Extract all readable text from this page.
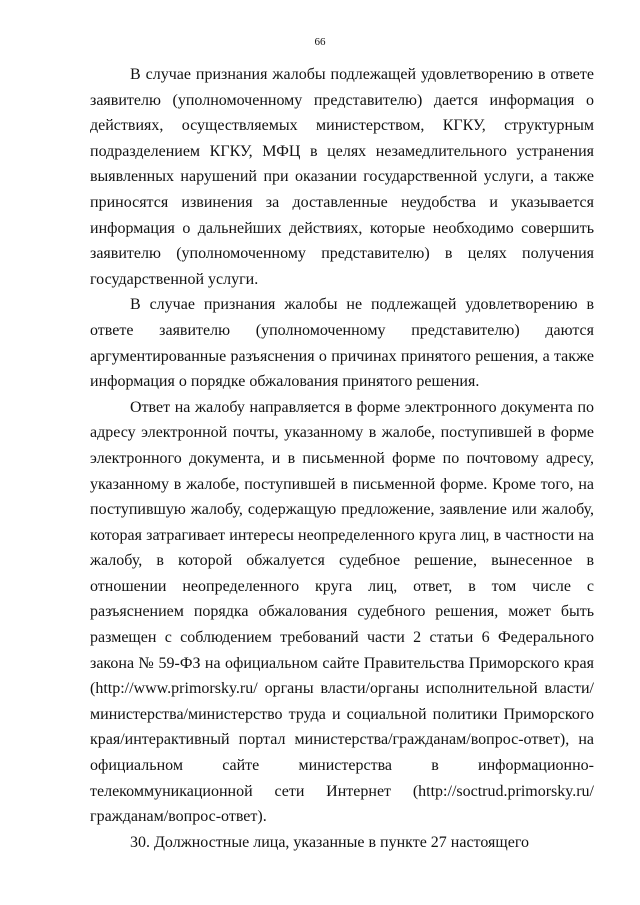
66

В случае признания жалобы подлежащей удовлетворению в ответе заявителю (уполномоченному представителю) дается информация о действиях, осуществляемых министерством, КГКУ, структурным подразделением КГКУ, МФЦ в целях незамедлительного устранения выявленных нарушений при оказании государственной услуги, а также приносятся извинения за доставленные неудобства и указывается информация о дальнейших действиях, которые необходимо совершить заявителю (уполномоченному представителю) в целях получения государственной услуги.

В случае признания жалобы не подлежащей удовлетворению в ответе заявителю (уполномоченному представителю) даются аргументированные разъяснения о причинах принятого решения, а также информация о порядке обжалования принятого решения.

Ответ на жалобу направляется в форме электронного документа по адресу электронной почты, указанному в жалобе, поступившей в форме электронного документа, и в письменной форме по почтовому адресу, указанному в жалобе, поступившей в письменной форме. Кроме того, на поступившую жалобу, содержащую предложение, заявление или жалобу, которая затрагивает интересы неопределенного круга лиц, в частности на жалобу, в которой обжалуется судебное решение, вынесенное в отношении неопределенного круга лиц, ответ, в том числе с разъяснением порядка обжалования судебного решения, может быть размещен с соблюдением требований части 2 статьи 6 Федерального закона № 59-ФЗ на официальном сайте Правительства Приморского края (http://www.primorsky.ru/ органы власти/органы исполнительной власти/министерства/министерство труда и социальной политики Приморского края/интерактивный портал министерства/гражданам/вопрос-ответ), на официальном сайте министерства в информационно-телекоммуникационной сети Интернет (http://soctrud.primorsky.ru/ гражданам/вопрос-ответ).

30. Должностные лица, указанные в пункте 27 настоящего
